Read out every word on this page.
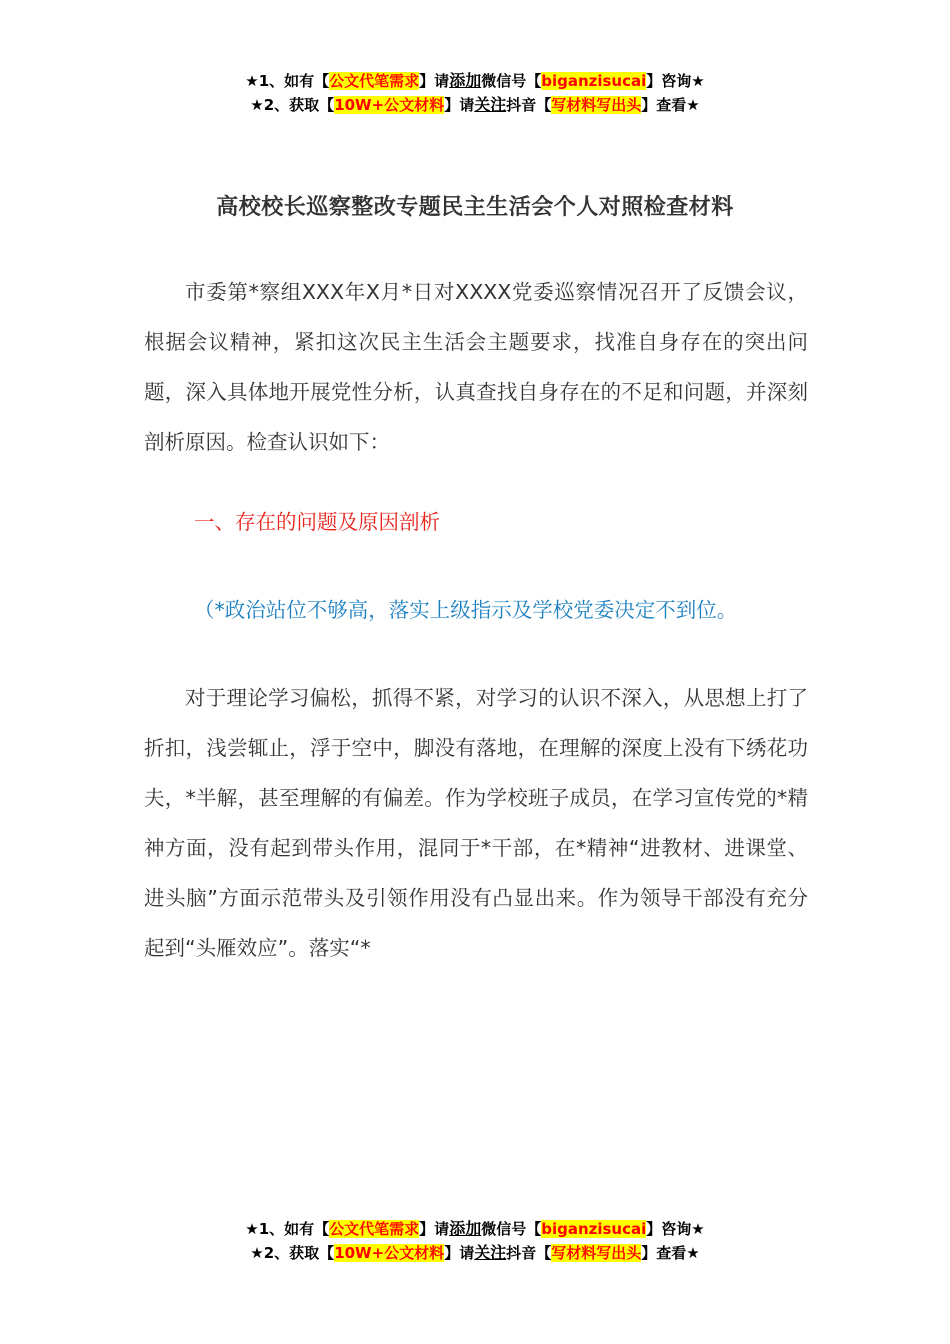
★1、如有【公文代笔需求】请添加微信号【biganzisucai】咨询★
★2、获取【10W+公文材料】请关注抖音【写材料写出头】查看★
高校校长巡察整改专题民主生活会个人对照检查材料

市委第*察组XXX年X月*日对XXXX党委巡察情况召开了反馈会议，根据会议精神，紧扣这次民主生活会主题要求，找准自身存在的突出问题，深入具体地开展党性分析，认真查找自身存在的不足和问题，并深刻剖析原因。检查认识如下：

一、存在的问题及原因剖析
（*政治站位不够高，落实上级指示及学校党委决定不到位。

对于理论学习偏松，抓得不紧，对学习的认识不深入，从思想上打了折扣，浅尝辄止，浮于空中，脚没有落地，在理解的深度上没有下绣花功夫，*半解，甚至理解的有偏差。作为学校班子成员，在学习宣传党的*精神方面，没有起到带头作用，混同于*干部，在*精神“进教材、进课堂、进头脑”方面示范带头及引领作用没有凸显出来。作为领导干部没有充分起到“头雁效应”。落实“*

★1、如有【公文代笔需求】请添加微信号【biganzisucai】咨询★
★2、获取【10W+公文材料】请关注抖音【写材料写出头】查看★
